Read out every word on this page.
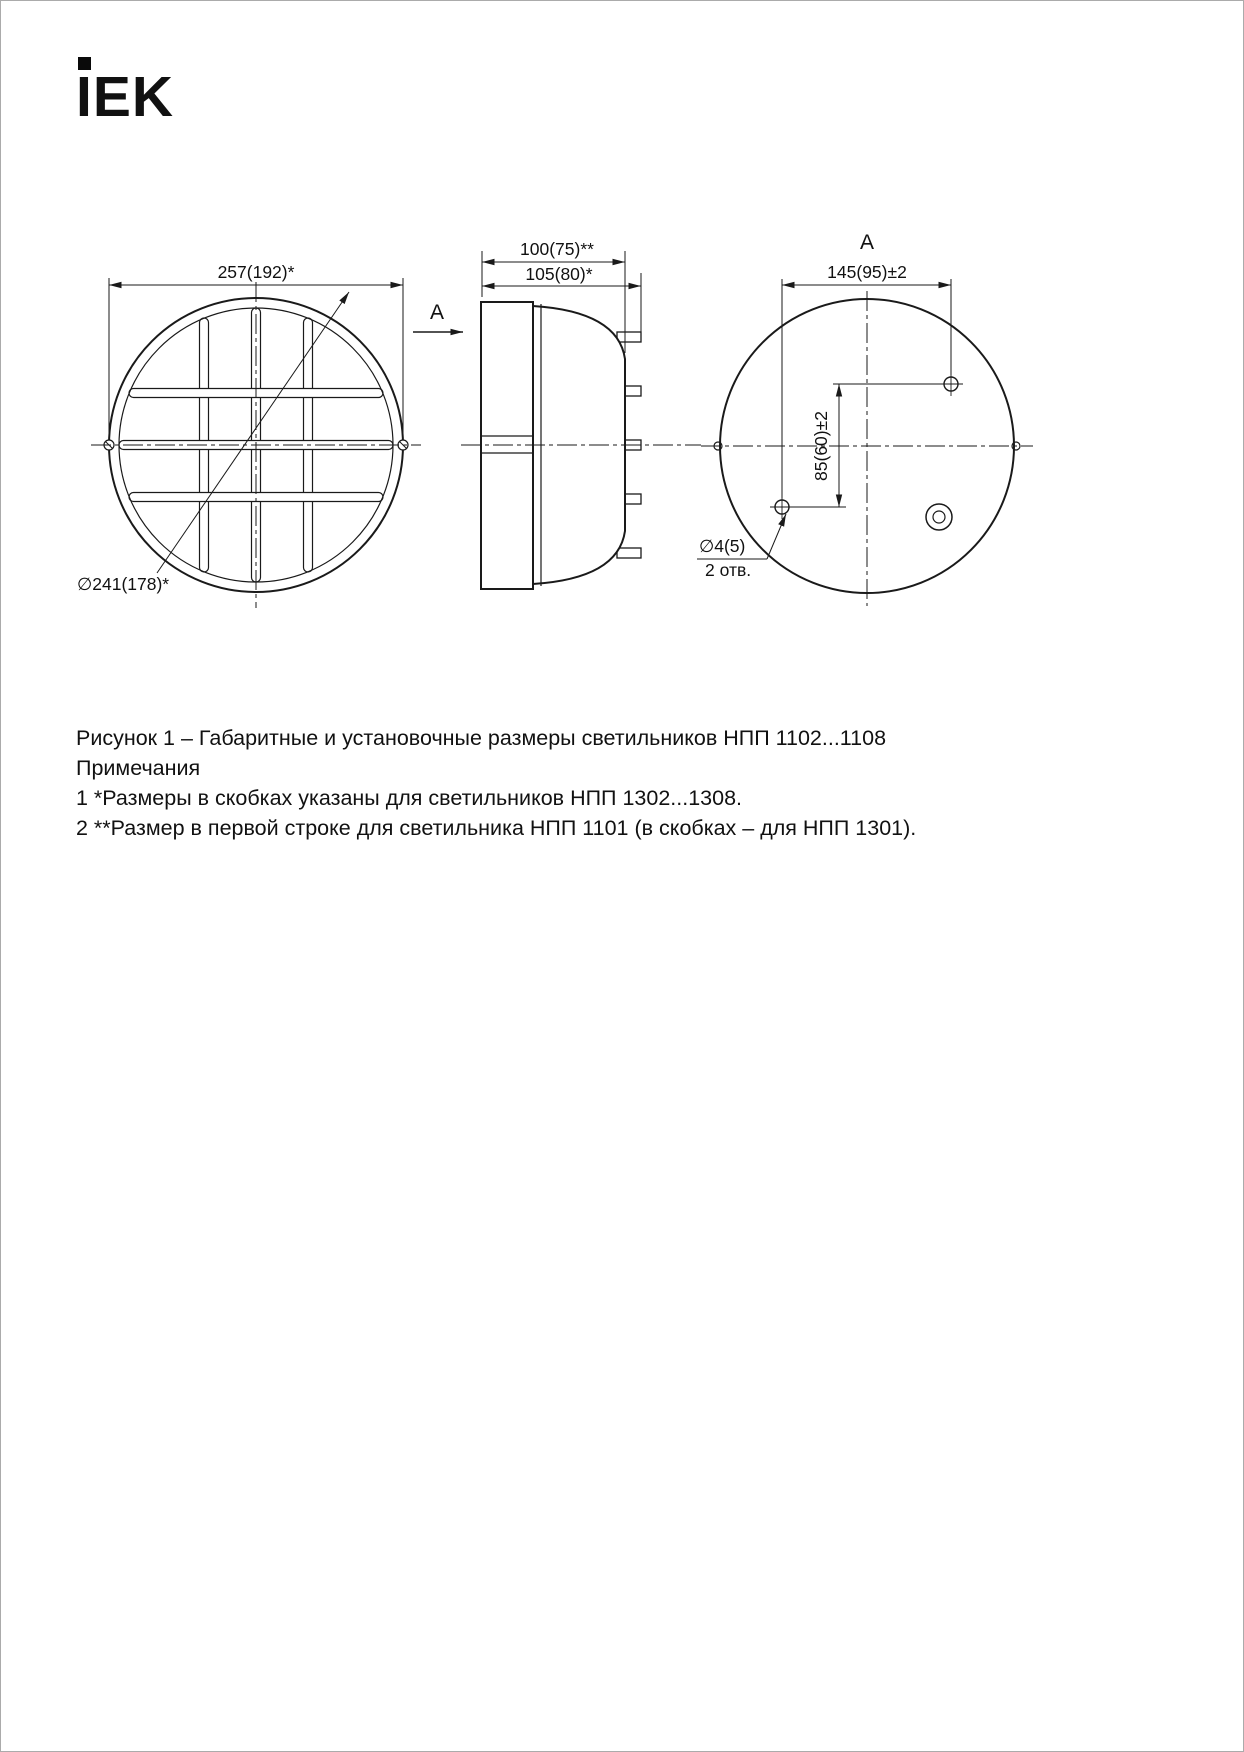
IEK
257(192)*
∅241(178)*
А
100(75)**
105(80)*
А
145(95)±2
85(60)±2
∅4(5)
2 отв.

Рисунок 1 – Габаритные и установочные размеры светильников НПП 1102...1108

Примечания

1 *Размеры в скобках указаны для светильников НПП 1302...1308.

2 **Размер в первой строке для светильника НПП 1101 (в скобках – для НПП 1301).
